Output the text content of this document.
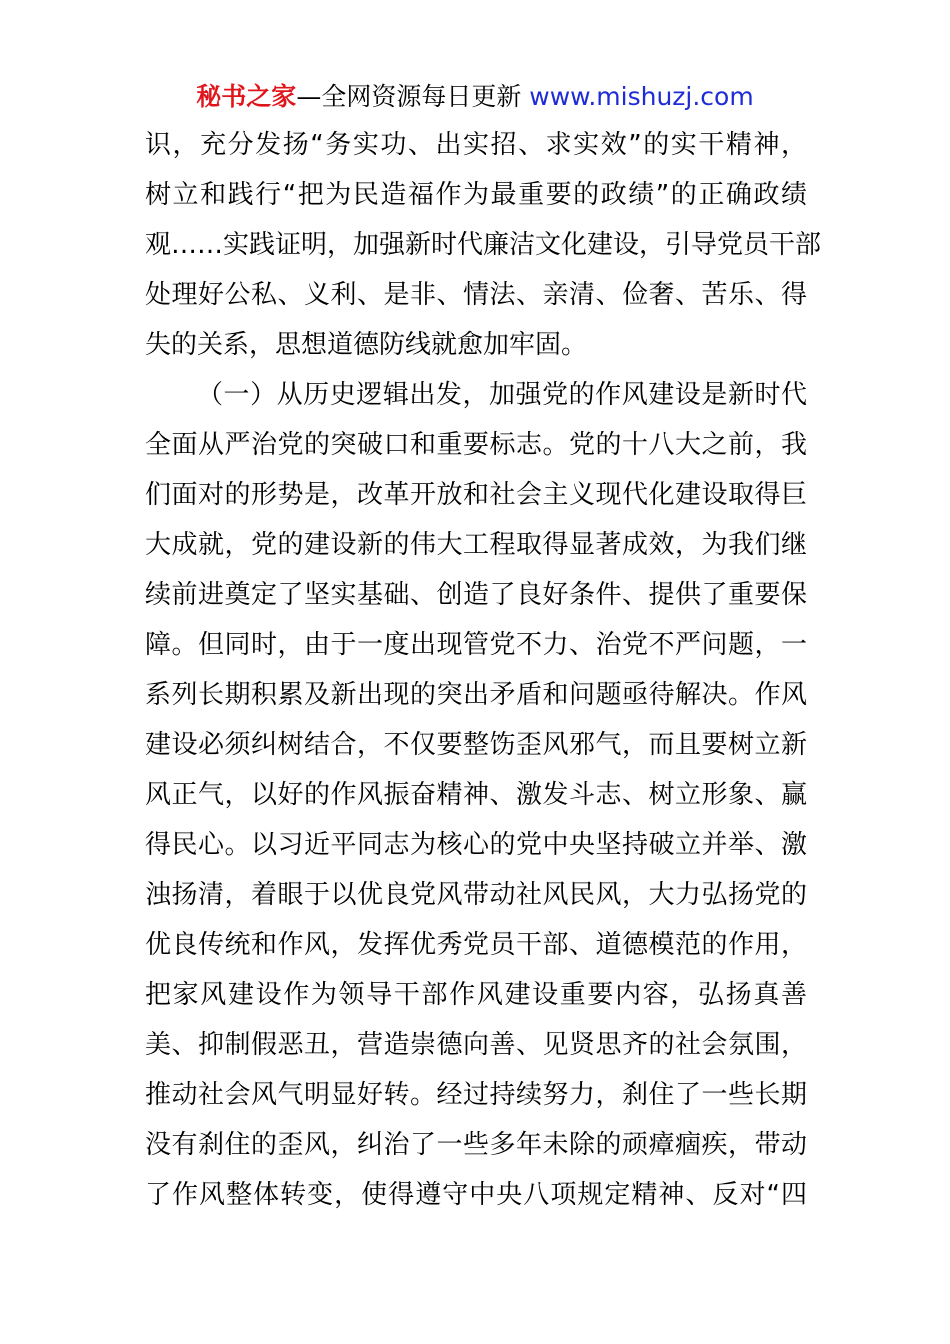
秘书之家—全网资源每日更新 www.mishuzj.com
识，充分发扬“务实功、出实招、求实效”的实干精神，
树立和践行“把为民造福作为最重要的政绩”的正确政绩
观……实践证明，加强新时代廉洁文化建设，引导党员干部
处理好公私、义利、是非、情法、亲清、俭奢、苦乐、得
失的关系，思想道德防线就愈加牢固。
（一）从历史逻辑出发，加强党的作风建设是新时代
全面从严治党的突破口和重要标志。党的十八大之前，我
们面对的形势是，改革开放和社会主义现代化建设取得巨
大成就，党的建设新的伟大工程取得显著成效，为我们继
续前进奠定了坚实基础、创造了良好条件、提供了重要保
障。但同时，由于一度出现管党不力、治党不严问题，一
系列长期积累及新出现的突出矛盾和问题亟待解决。作风
建设必须纠树结合，不仅要整饬歪风邪气，而且要树立新
风正气，以好的作风振奋精神、激发斗志、树立形象、赢
得民心。以习近平同志为核心的党中央坚持破立并举、激
浊扬清，着眼于以优良党风带动社风民风，大力弘扬党的
优良传统和作风，发挥优秀党员干部、道德模范的作用，
把家风建设作为领导干部作风建设重要内容，弘扬真善
美、抑制假恶丑，营造崇德向善、见贤思齐的社会氛围，
推动社会风气明显好转。经过持续努力，刹住了一些长期
没有刹住的歪风，纠治了一些多年未除的顽瘴痼疾，带动
了作风整体转变，使得遵守中央八项规定精神、反对“四
